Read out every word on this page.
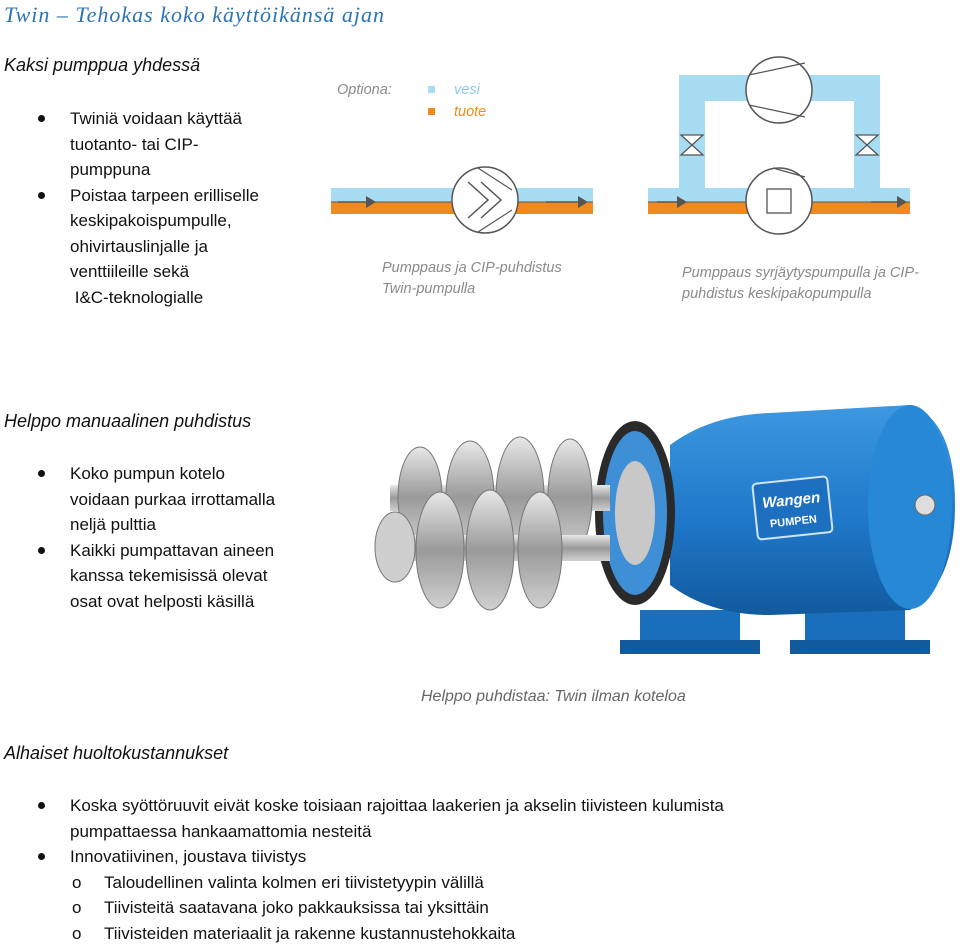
Twin – Tehokas koko käyttöikänsä ajan
Kaksi pumppua yhdessä
Twiniä voidaan käyttää
tuotanto- tai CIP-
pumppuna
Poistaa tarpeen erilliselle
keskipakoispumpulle,
ohivirtauslinjalle ja
venttiileille sekä
I&C-teknologialle
Optiona:	vesi
tuote
Pumppaus ja CIP-puhdistus
Twin-pumpulla
Pumppaus syrjäytyspumpulla ja CIP-
puhdistus keskipakopumpulla
Helppo manuaalinen puhdistus
Koko pumpun kotelo
voidaan purkaa irrottamalla
neljä pulttia
Kaikki pumpattavan aineen
kanssa tekemisissä olevat
osat ovat helposti käsillä
Wangen
PUMPEN
Helppo puhdistaa: Twin ilman koteloa
Alhaiset huoltokustannukset
Koska syöttöruuvit eivät koske toisiaan rajoittaa laakerien ja akselin tiivisteen kulumista
pumpattaessa hankaamattomia nesteitä
Innovatiivinen, joustava tiivistys
o Taloudellinen valinta kolmen eri tiivistetyypin välillä
o Tiivisteitä saatavana joko pakkauksissa tai yksittäin
o Tiivisteiden materiaalit ja rakenne kustannustehokkaita
